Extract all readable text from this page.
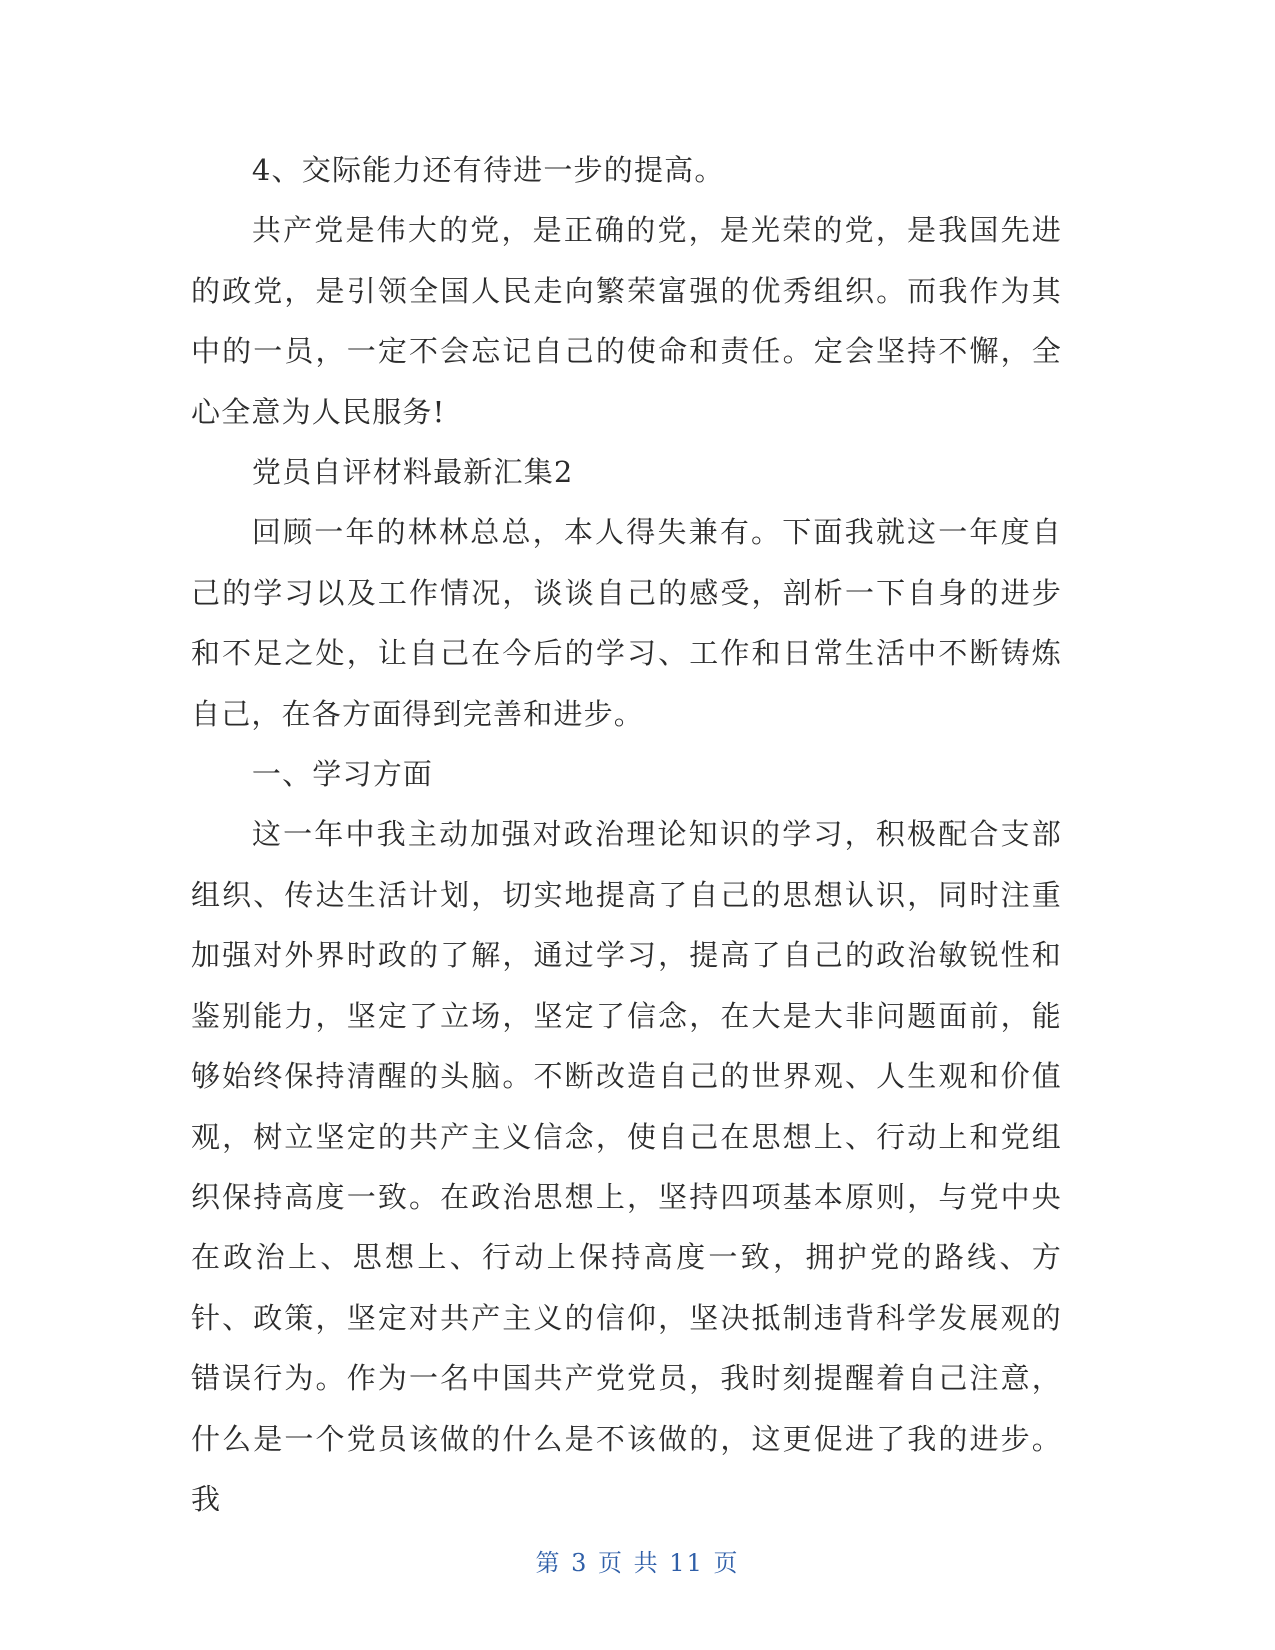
4、交际能力还有待进一步的提高。

共产党是伟大的党，是正确的党，是光荣的党，是我国先进的政党，是引领全国人民走向繁荣富强的优秀组织。而我作为其中的一员，一定不会忘记自己的使命和责任。定会坚持不懈，全心全意为人民服务!

党员自评材料最新汇集2

回顾一年的林林总总，本人得失兼有。下面我就这一年度自己的学习以及工作情况，谈谈自己的感受，剖析一下自身的进步和不足之处，让自己在今后的学习、工作和日常生活中不断铸炼自己，在各方面得到完善和进步。

一、学习方面

这一年中我主动加强对政治理论知识的学习，积极配合支部组织、传达生活计划，切实地提高了自己的思想认识，同时注重加强对外界时政的了解，通过学习，提高了自己的政治敏锐性和鉴别能力，坚定了立场，坚定了信念，在大是大非问题面前，能够始终保持清醒的头脑。不断改造自己的世界观、人生观和价值观，树立坚定的共产主义信念，使自己在思想上、行动上和党组织保持高度一致。在政治思想上，坚持四项基本原则，与党中央在政治上、思想上、行动上保持高度一致，拥护党的路线、方针、政策，坚定对共产主义的信仰，坚决抵制违背科学发展观的错误行为。作为一名中国共产党党员，我时刻提醒着自己注意，什么是一个党员该做的什么是不该做的，这更促进了我的进步。我

第 3 页 共 11 页
